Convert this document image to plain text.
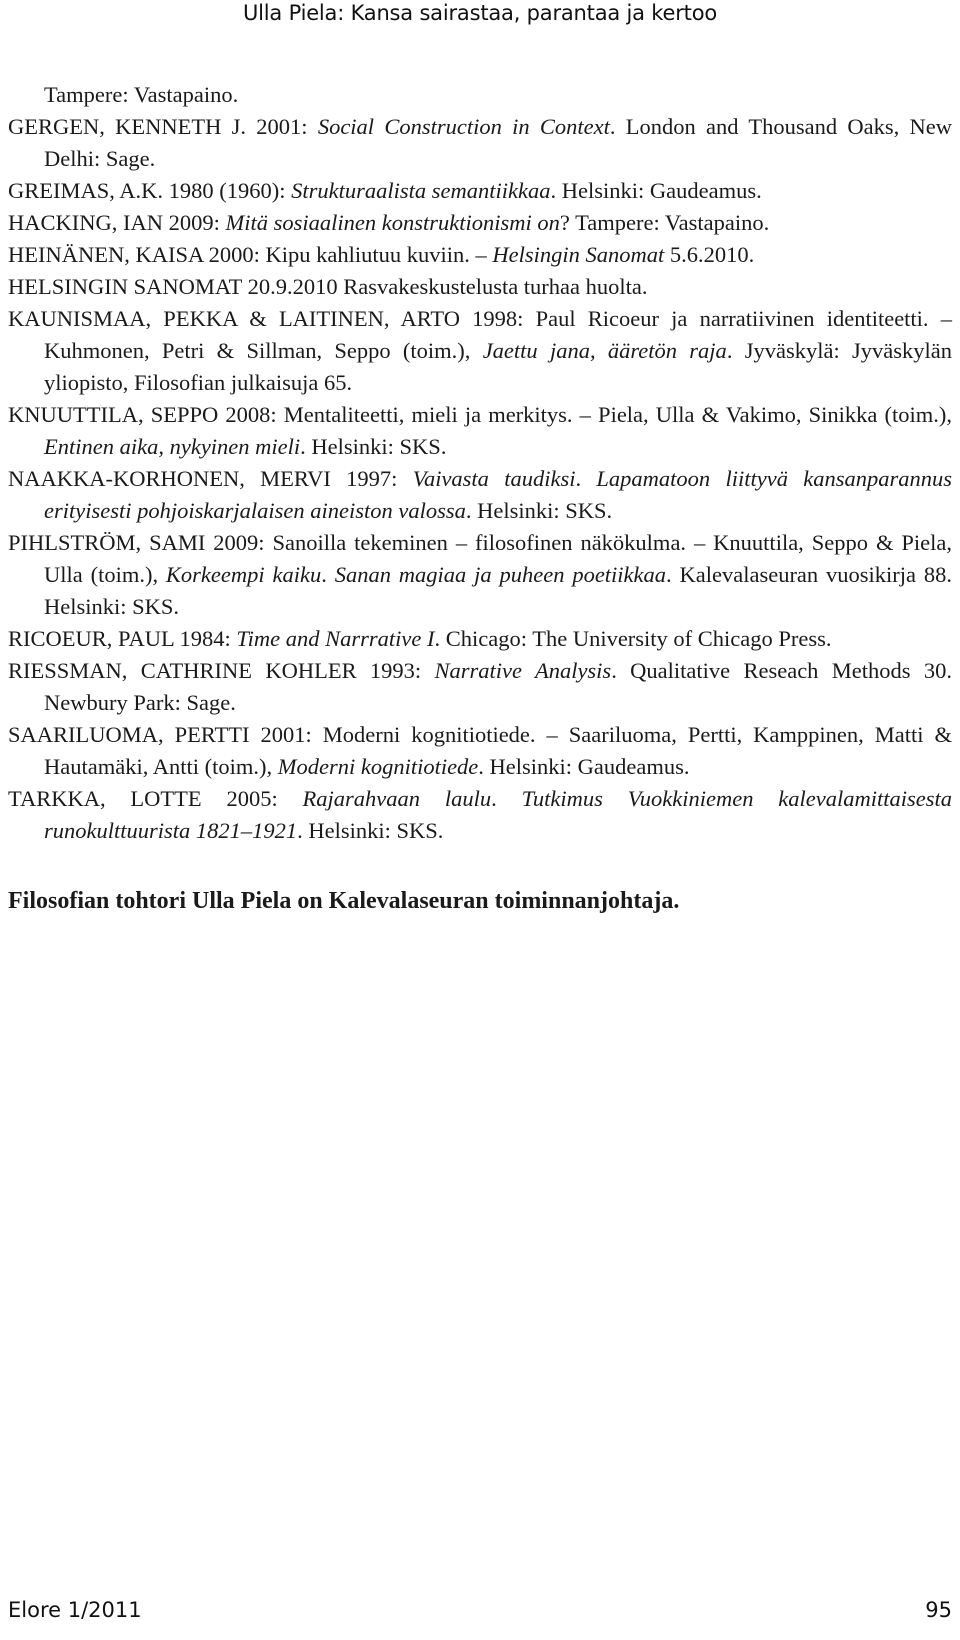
Ulla Piela: Kansa sairastaa, parantaa ja kertoo

Tampere: Vastapaino.

GERGEN, KENNETH J. 2001: Social Construction in Context. London and Thousand Oaks, New Delhi: Sage.

GREIMAS, A.K. 1980 (1960): Strukturaalista semantiikkaa. Helsinki: Gaudeamus.

HACKING, IAN 2009: Mitä sosiaalinen konstruktionismi on? Tampere: Vastapaino.

HEINÄNEN, KAISA 2000: Kipu kahliutuu kuviin. – Helsingin Sanomat 5.6.2010.

HELSINGIN SANOMAT 20.9.2010 Rasvakeskustelusta turhaa huolta.

KAUNISMAA, PEKKA & LAITINEN, ARTO 1998: Paul Ricoeur ja narratiivinen identiteetti. – Kuhmonen, Petri & Sillman, Seppo (toim.), Jaettu jana, ääretön raja. Jyväskylä: Jyväskylän yliopisto, Filosofian julkaisuja 65.

KNUUTTILA, SEPPO 2008: Mentaliteetti, mieli ja merkitys. – Piela, Ulla & Vakimo, Sinikka (toim.), Entinen aika, nykyinen mieli. Helsinki: SKS.

NAAKKA-KORHONEN, MERVI 1997: Vaivasta taudiksi. Lapamatoon liittyvä kansanparannus erityisesti pohjoiskarjalaisen aineiston valossa. Helsinki: SKS.

PIHLSTRÖM, SAMI 2009: Sanoilla tekeminen – filosofinen näkökulma. – Knuuttila, Seppo & Piela, Ulla (toim.), Korkeempi kaiku. Sanan magiaa ja puheen poetiikkaa. Kalevalaseuran vuosikirja 88. Helsinki: SKS.

RICOEUR, PAUL 1984: Time and Narrrative I. Chicago: The University of Chicago Press.

RIESSMAN, CATHRINE KOHLER 1993: Narrative Analysis. Qualitative Reseach Methods 30. Newbury Park: Sage.

SAARILUOMA, PERTTI 2001: Moderni kognitiotiede. – Saariluoma, Pertti, Kamppinen, Matti & Hautamäki, Antti (toim.), Moderni kognitiotiede. Helsinki: Gaudeamus.

TARKKA, LOTTE 2005: Rajarahvaan laulu. Tutkimus Vuokkiniemen kalevalamittaisesta runokulttuurista 1821–1921. Helsinki: SKS.

Filosofian tohtori Ulla Piela on Kalevalaseuran toiminnanjohtaja.
Elore 1/2011	95
